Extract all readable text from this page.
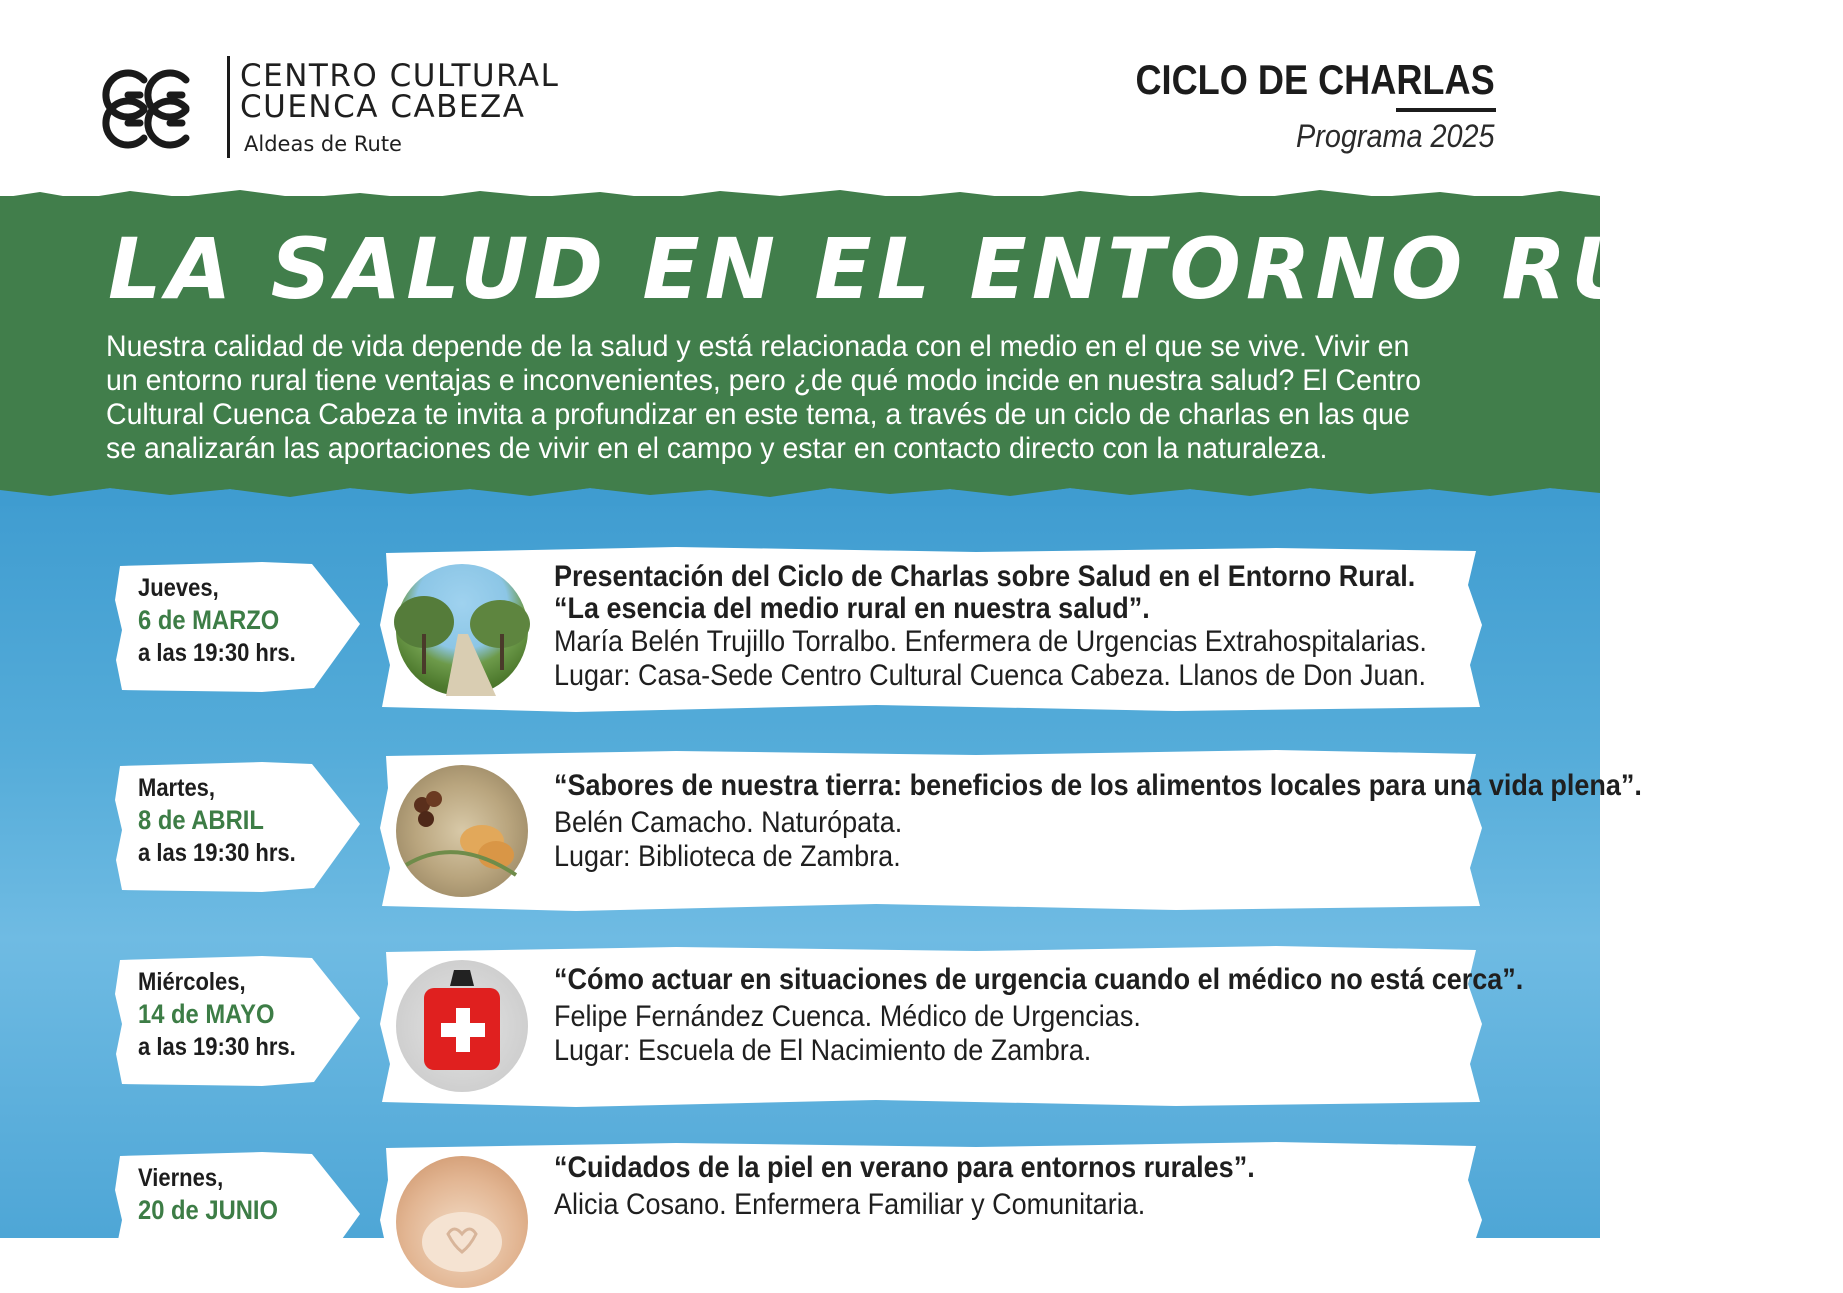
CENTRO CULTURAL
CUENCA CABEZA
Aldeas de Rute
CICLO DE CHARLAS
Programa 2025
LA SALUD EN EL ENTORNO RURAL
Nuestra calidad de vida depende de la salud y está relacionada con el medio en el que se vive. Vivir en un entorno rural tiene ventajas e inconvenientes, pero ¿de qué modo incide en nuestra salud? El Centro Cultural Cuenca Cabeza te invita a profundizar en este tema, a través de un ciclo de charlas en las que se analizarán las aportaciones de vivir en el campo y estar en contacto directo con la naturaleza.
Jueves,
6 de MARZO
a las 19:30 hrs.
Presentación del Ciclo de Charlas sobre Salud en el Entorno Rural.
“La esencia del medio rural en nuestra salud”.
María Belén Trujillo Torralbo. Enfermera de Urgencias Extrahospitalarias.
Lugar: Casa-Sede Centro Cultural Cuenca Cabeza. Llanos de Don Juan.
Martes,
8 de ABRIL
a las 19:30 hrs.
“Sabores de nuestra tierra: beneficios de los alimentos locales para una vida plena”.
Belén Camacho. Naturópata.
Lugar: Biblioteca de Zambra.
Miércoles,
14 de MAYO
a las 19:30 hrs.
“Cómo actuar en situaciones de urgencia cuando el médico no está cerca”.
Felipe Fernández Cuenca. Médico de Urgencias.
Lugar: Escuela de El Nacimiento de Zambra.
Viernes,
20 de JUNIO
“Cuidados de la piel en verano para entornos rurales”.
Alicia Cosano. Enfermera Familiar y Comunitaria.
